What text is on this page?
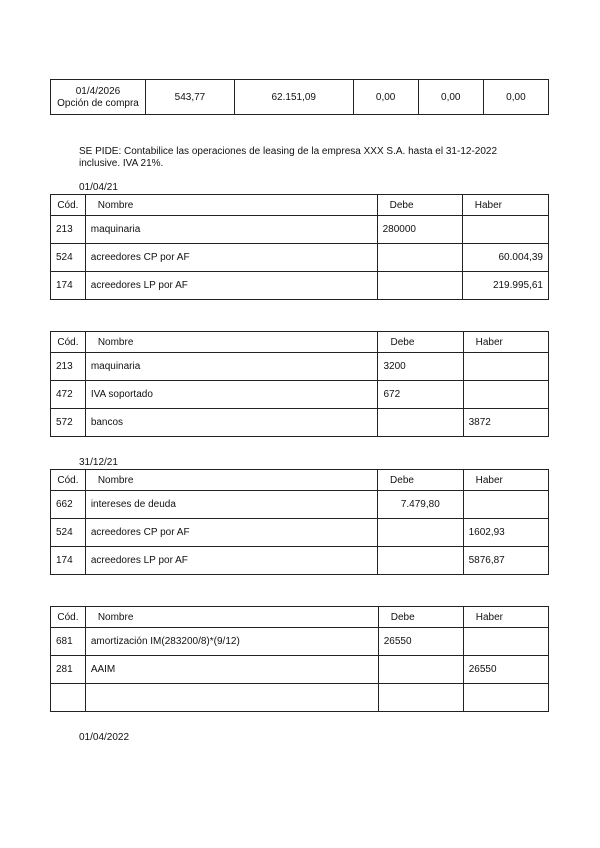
01/4/2026
Opción de compra
	543,77	62.151,09	0,00	0,00	0,00
SE PIDE: Contabilice las operaciones de leasing de la empresa XXX S.A. hasta el 31-12-2022 inclusive. IVA 21%.
01/04/21
Cód.	Nombre	Debe	Haber
213	maquinaria	280000	
524	acreedores CP por AF		60.004,39
174	acreedores LP por AF		219.995,61
Cód.	Nombre	Debe	Haber
213	maquinaria	3200	
472	IVA soportado	672	
572	bancos		3872
31/12/21
Cód.	Nombre	Debe	Haber
662	intereses de deuda	7.479,80	
524	acreedores CP por AF		1602,93
174	acreedores LP por AF		5876,87
Cód.	Nombre	Debe	Haber
681	amortización IM(283200/8)*(9/12)	26550	
281	AAIM		26550

01/04/2022
